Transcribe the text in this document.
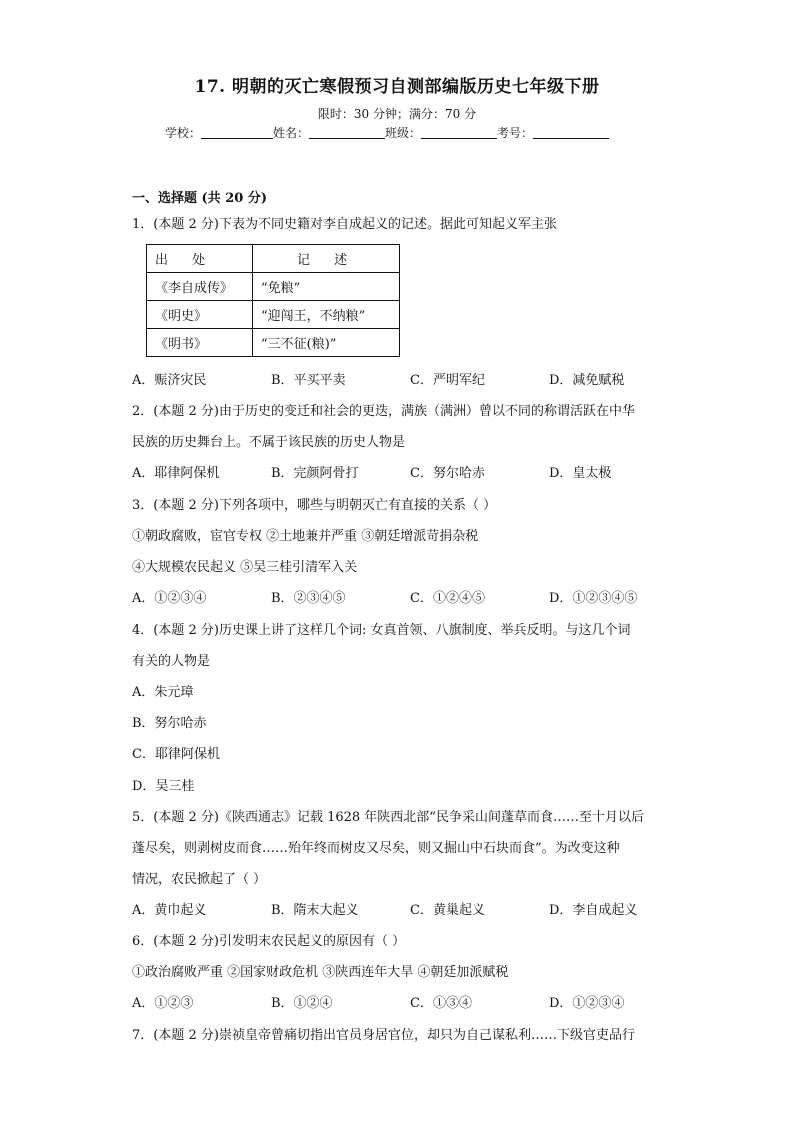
17. 明朝的灭亡寒假预习自测部编版历史七年级下册
限时：30 分钟；满分：70 分
学校：	姓名：	班级：	考号：
一、选择题 (共 20 分)
1．(本题 2 分)下表为不同史籍对李自成起义的记述。据此可知起义军主张
出 处	记 述
《李自成传》	“免粮”
《明史》	“迎闯王，不纳粮”
《明书》	“三不征(粮)”
A．赈济灾民	B．平买平卖	C．严明军纪	D．减免赋税
2．(本题 2 分)由于历史的变迁和社会的更迭，满族（满洲）曾以不同的称谓活跃在中华
民族的历史舞台上。不属于该民族的历史人物是
A．耶律阿保机	B．完颜阿骨打	C．努尔哈赤	D．皇太极
3．(本题 2 分)下列各项中，哪些与明朝灭亡有直接的关系（ ）
①朝政腐败，宦官专权 ②土地兼并严重 ③朝廷增派苛捐杂税
④大规模农民起义 ⑤吴三桂引清军入关
A．①②③④	B．②③④⑤	C．①②④⑤	D．①②③④⑤
4．(本题 2 分)历史课上讲了这样几个词: 女真首领、八旗制度、举兵反明。与这几个词
有关的人物是
A．朱元璋
B．努尔哈赤
C．耶律阿保机
D．吴三桂
5．(本题 2 分)《陕西通志》记载 1628 年陕西北部“民争采山间蓬草而食……至十月以后
蓬尽矣，则剥树皮而食……殆年终而树皮又尽矣，则又掘山中石块而食”。为改变这种
情况，农民掀起了（ ）
A．黄巾起义	B．隋末大起义	C．黄巢起义	D．李自成起义
6．(本题 2 分)引发明末农民起义的原因有（ ）
①政治腐败严重 ②国家财政危机 ③陕西连年大旱 ④朝廷加派赋税
A．①②③	B．①②④	C．①③④	D．①②③④
7．(本题 2 分)崇祯皇帝曾痛切指出官员身居官位，却只为自己谋私利……下级官吏品行
